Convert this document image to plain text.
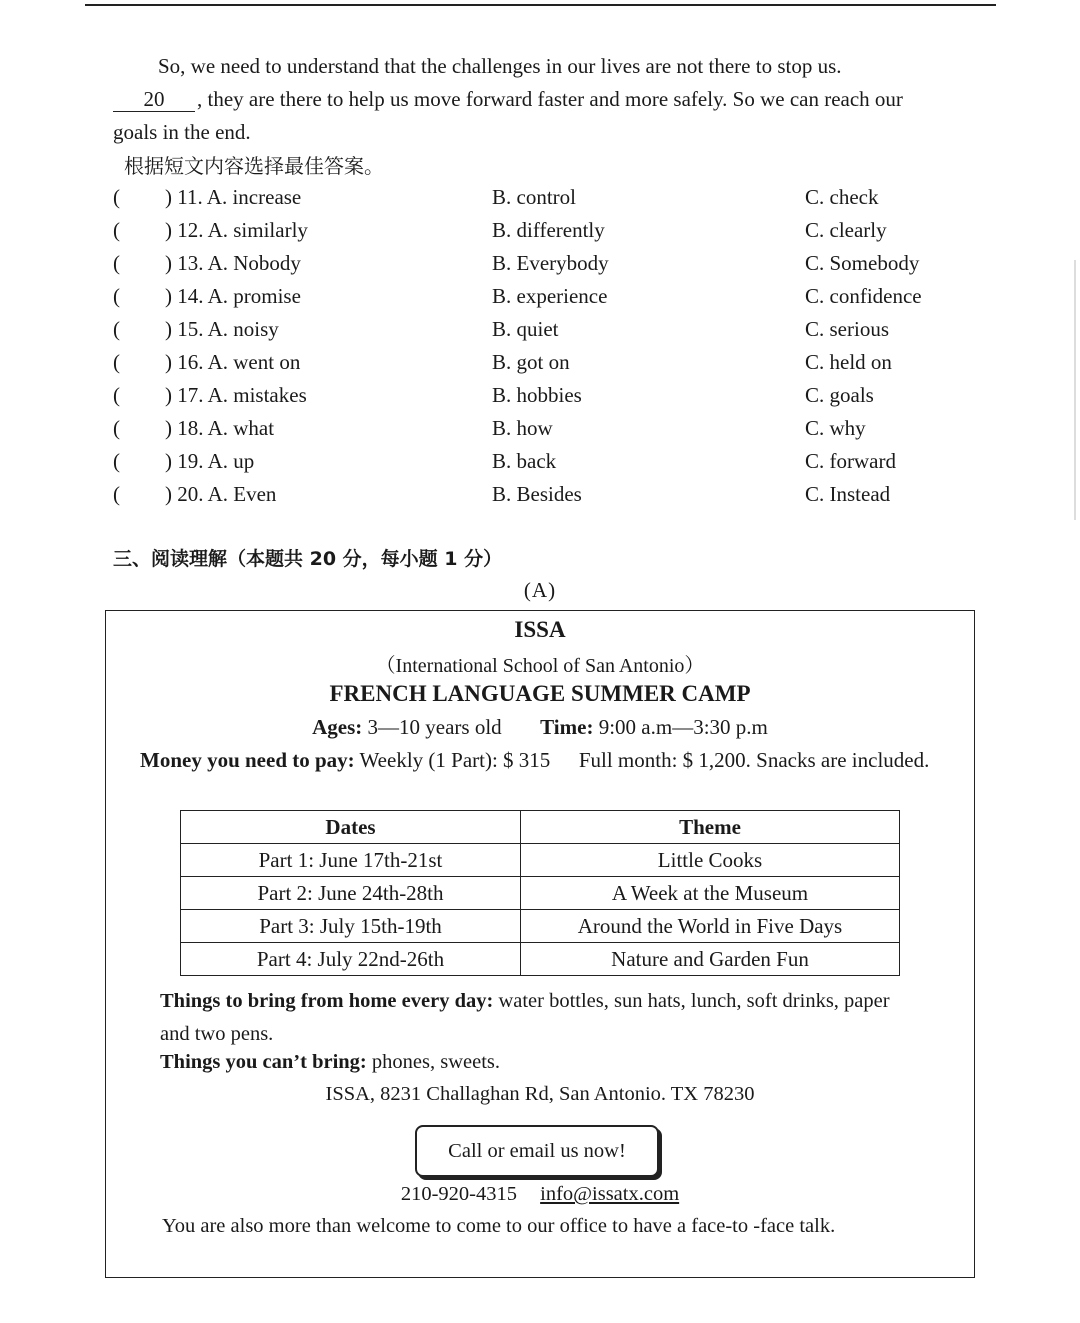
So, we need to understand that the challenges in our lives are not there to stop us.
20 , they are there to help us move forward faster and more safely. So we can reach our
goals in the end.
根据短文内容选择最佳答案。
( ) 11. A. increase	B. control	C. check
( ) 12. A. similarly	B. differently	C. clearly
( ) 13. A. Nobody	B. Everybody	C. Somebody
( ) 14. A. promise	B. experience	C. confidence
( ) 15. A. noisy	B. quiet	C. serious
( ) 16. A. went on	B. got on	C. held on
( ) 17. A. mistakes	B. hobbies	C. goals
( ) 18. A. what	B. how	C. why
( ) 19. A. up	B. back	C. forward
( ) 20. A. Even	B. Besides	C. Instead
三、阅读理解（本题共 20 分，每小题 1 分）
(A)
ISSA
（International School of San Antonio）
FRENCH LANGUAGE SUMMER CAMP
Ages: 3—10 years old Time: 9:00 a.m—3:30 p.m
Money you need to pay: Weekly (1 Part): $ 315 Full month: $ 1,200. Snacks are included.
Dates	Theme
Part 1: June 17th-21st	Little Cooks
Part 2: June 24th-28th	A Week at the Museum
Part 3: July 15th-19th	Around the World in Five Days
Part 4: July 22nd-26th	Nature and Garden Fun
Things to bring from home every day: water bottles, sun hats, lunch, soft drinks, paper and two pens.
Things you can’t bring: phones, sweets.
ISSA, 8231 Challaghan Rd, San Antonio. TX 78230
Call or email us now!
210-920-4315 info@issatx.com
You are also more than welcome to come to our office to have a face-to -face talk.
